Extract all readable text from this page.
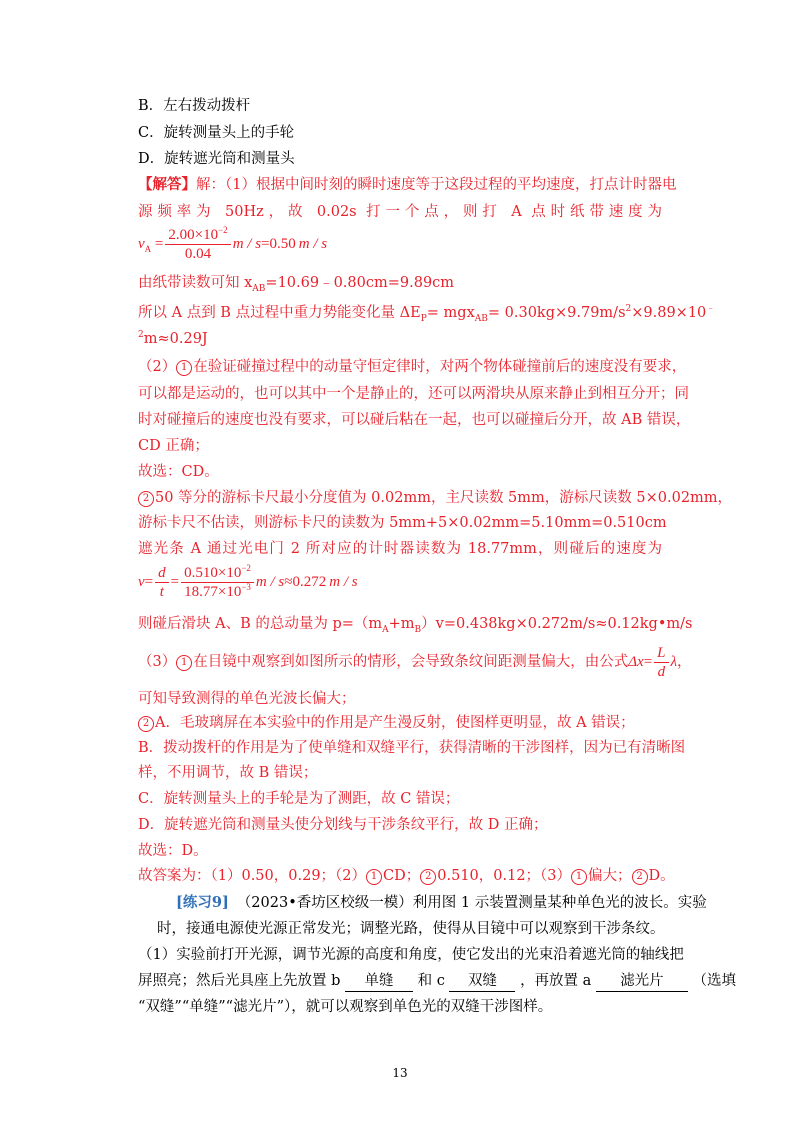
B．左右拨动拨杆
C．旋转测量头上的手轮
D．旋转遮光筒和测量头
【解答】解：（1）根据中间时刻的瞬时速度等于这段过程的平均速度，打点计时器电
源频率为 50Hz，故 0.02s 打一个点，则打 A 点时纸带速度为
$v_A = \frac{2.00\times 10^{-2}}{0.04}$ m / s=0.50 m / s
由纸带读数可知 $x_{AB}=10.69﹣0.80cm=9.89cm$
所以 A 点到 B 点过程中重力势能变化量 $\Delta E_P= mgx_{AB}= 0.30kg\times 9.79m/s^2\times 9.89\times 10^﹣$
$^2$m≈0.29J
（2） 1 在验证碰撞过程中的动量守恒定律时，对两个物体碰撞前后的速度没有要求，
可以都是运动的，也可以其中一个是静止的，还可以两滑块从原来静止到相互分开；同
时对碰撞后的速度也没有要求，可以碰后粘在一起，也可以碰撞后分开，故 AB 错误，
CD 正确；
故选：CD。
2 50 等分的游标卡尺最小分度值为 0.02mm，主尺读数 5mm，游标尺读数 5×0.02mm，
游标卡尺不估读，则游标卡尺的读数为 5mm+5×0.02mm=5.10mm=0.510cm
遮光条 A 通过光电门 2 所对应的计时器读数为 18.77mm，则碰后的速度为
$v= \frac{d}{t} = \frac{0.510\times 10^{-2}}{18.77\times 10^{-3}}$ m / s≈0.272 m / s
则碰后滑块 A、B 的总动量为 $p=(m_A+m_B)v=0.438kg\times 0.272m/s\approx 0.12kg•m/s$
（3） 1 在目镜中观察到如图所示的情形，会导致条纹间距测量偏大，由公式$\Delta x= \frac{L}{d}$ λ，
可知导致测得的单色光波长偏大；
2 A．毛玻璃屏在本实验中的作用是产生漫反射，使图样更明显，故 A 错误；
B．拨动拨杆的作用是为了使单缝和双缝平行，获得清晰的干涉图样，因为已有清晰图
样，不用调节，故 B 错误；
C．旋转测量头上的手轮是为了测距，故 C 错误；
D．旋转遮光筒和测量头使分划线与干涉条纹平行，故 D 正确；
故选：D。
故答案为：（1）0.50，0.29；（2） 1 CD； 2 0.510，0.12；（3） 1 偏大； 2 D。
[练习9] （2023•香坊区校级一模）利用图 1 示装置测量某种单色光的波长。实验
时，接通电源使光源正常发光；调整光路，使得从目镜中可以观察到干涉条纹。
（1）实验前打开光源，调节光源的高度和角度，使它发出的光束沿着遮光筒的轴线把
屏照亮；然后光具座上先放置 b 单缝 和 c 双缝 ，再放置 a 滤光片 （选填
“双缝”“单缝”“滤光片”），就可以观察到单色光的双缝干涉图样。
13
